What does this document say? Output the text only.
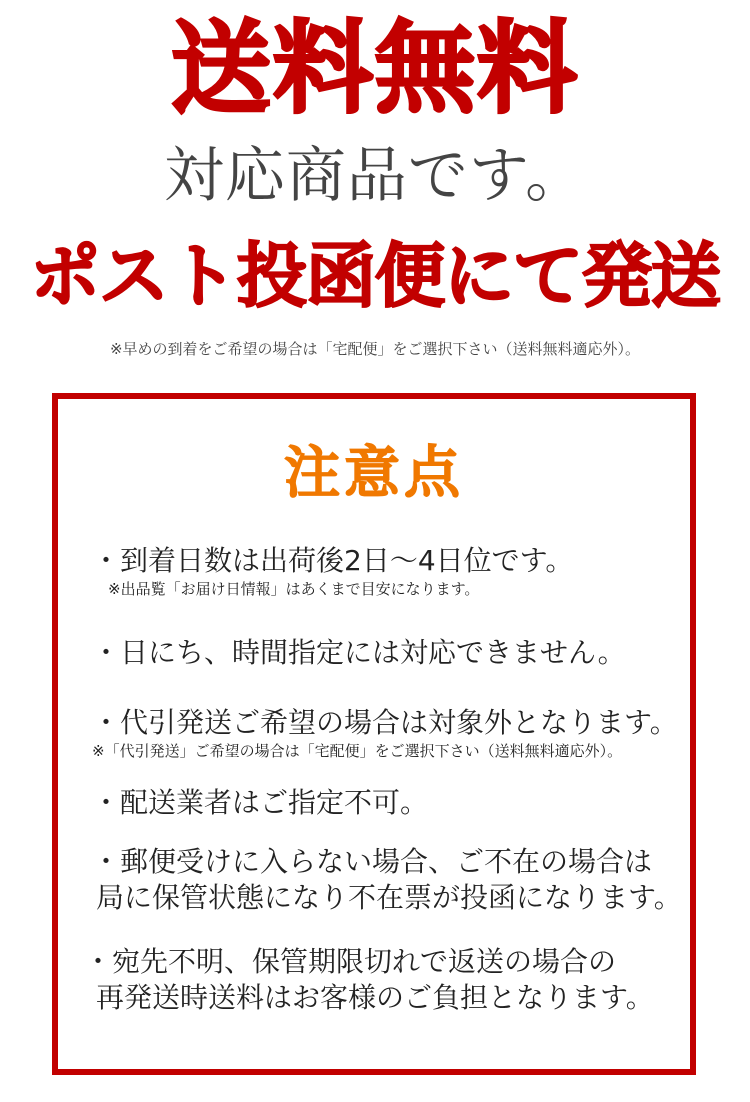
送料無料
対応商品です。
ポスト投函便にて発送
※早めの到着をご希望の場合は「宅配便」をご選択下さい（送料無料適応外）。
注意点
・到着日数は出荷後2日～4日位です。
※出品覧「お届け日情報」はあくまで目安になります。
・日にち、時間指定には対応できません。
・代引発送ご希望の場合は対象外となります。
※「代引発送」ご希望の場合は「宅配便」をご選択下さい（送料無料適応外）。
・配送業者はご指定不可。
・郵便受けに入らない場合、ご不在の場合は
局に保管状態になり不在票が投函になります。
・宛先不明、保管期限切れで返送の場合の
再発送時送料はお客様のご負担となります。
